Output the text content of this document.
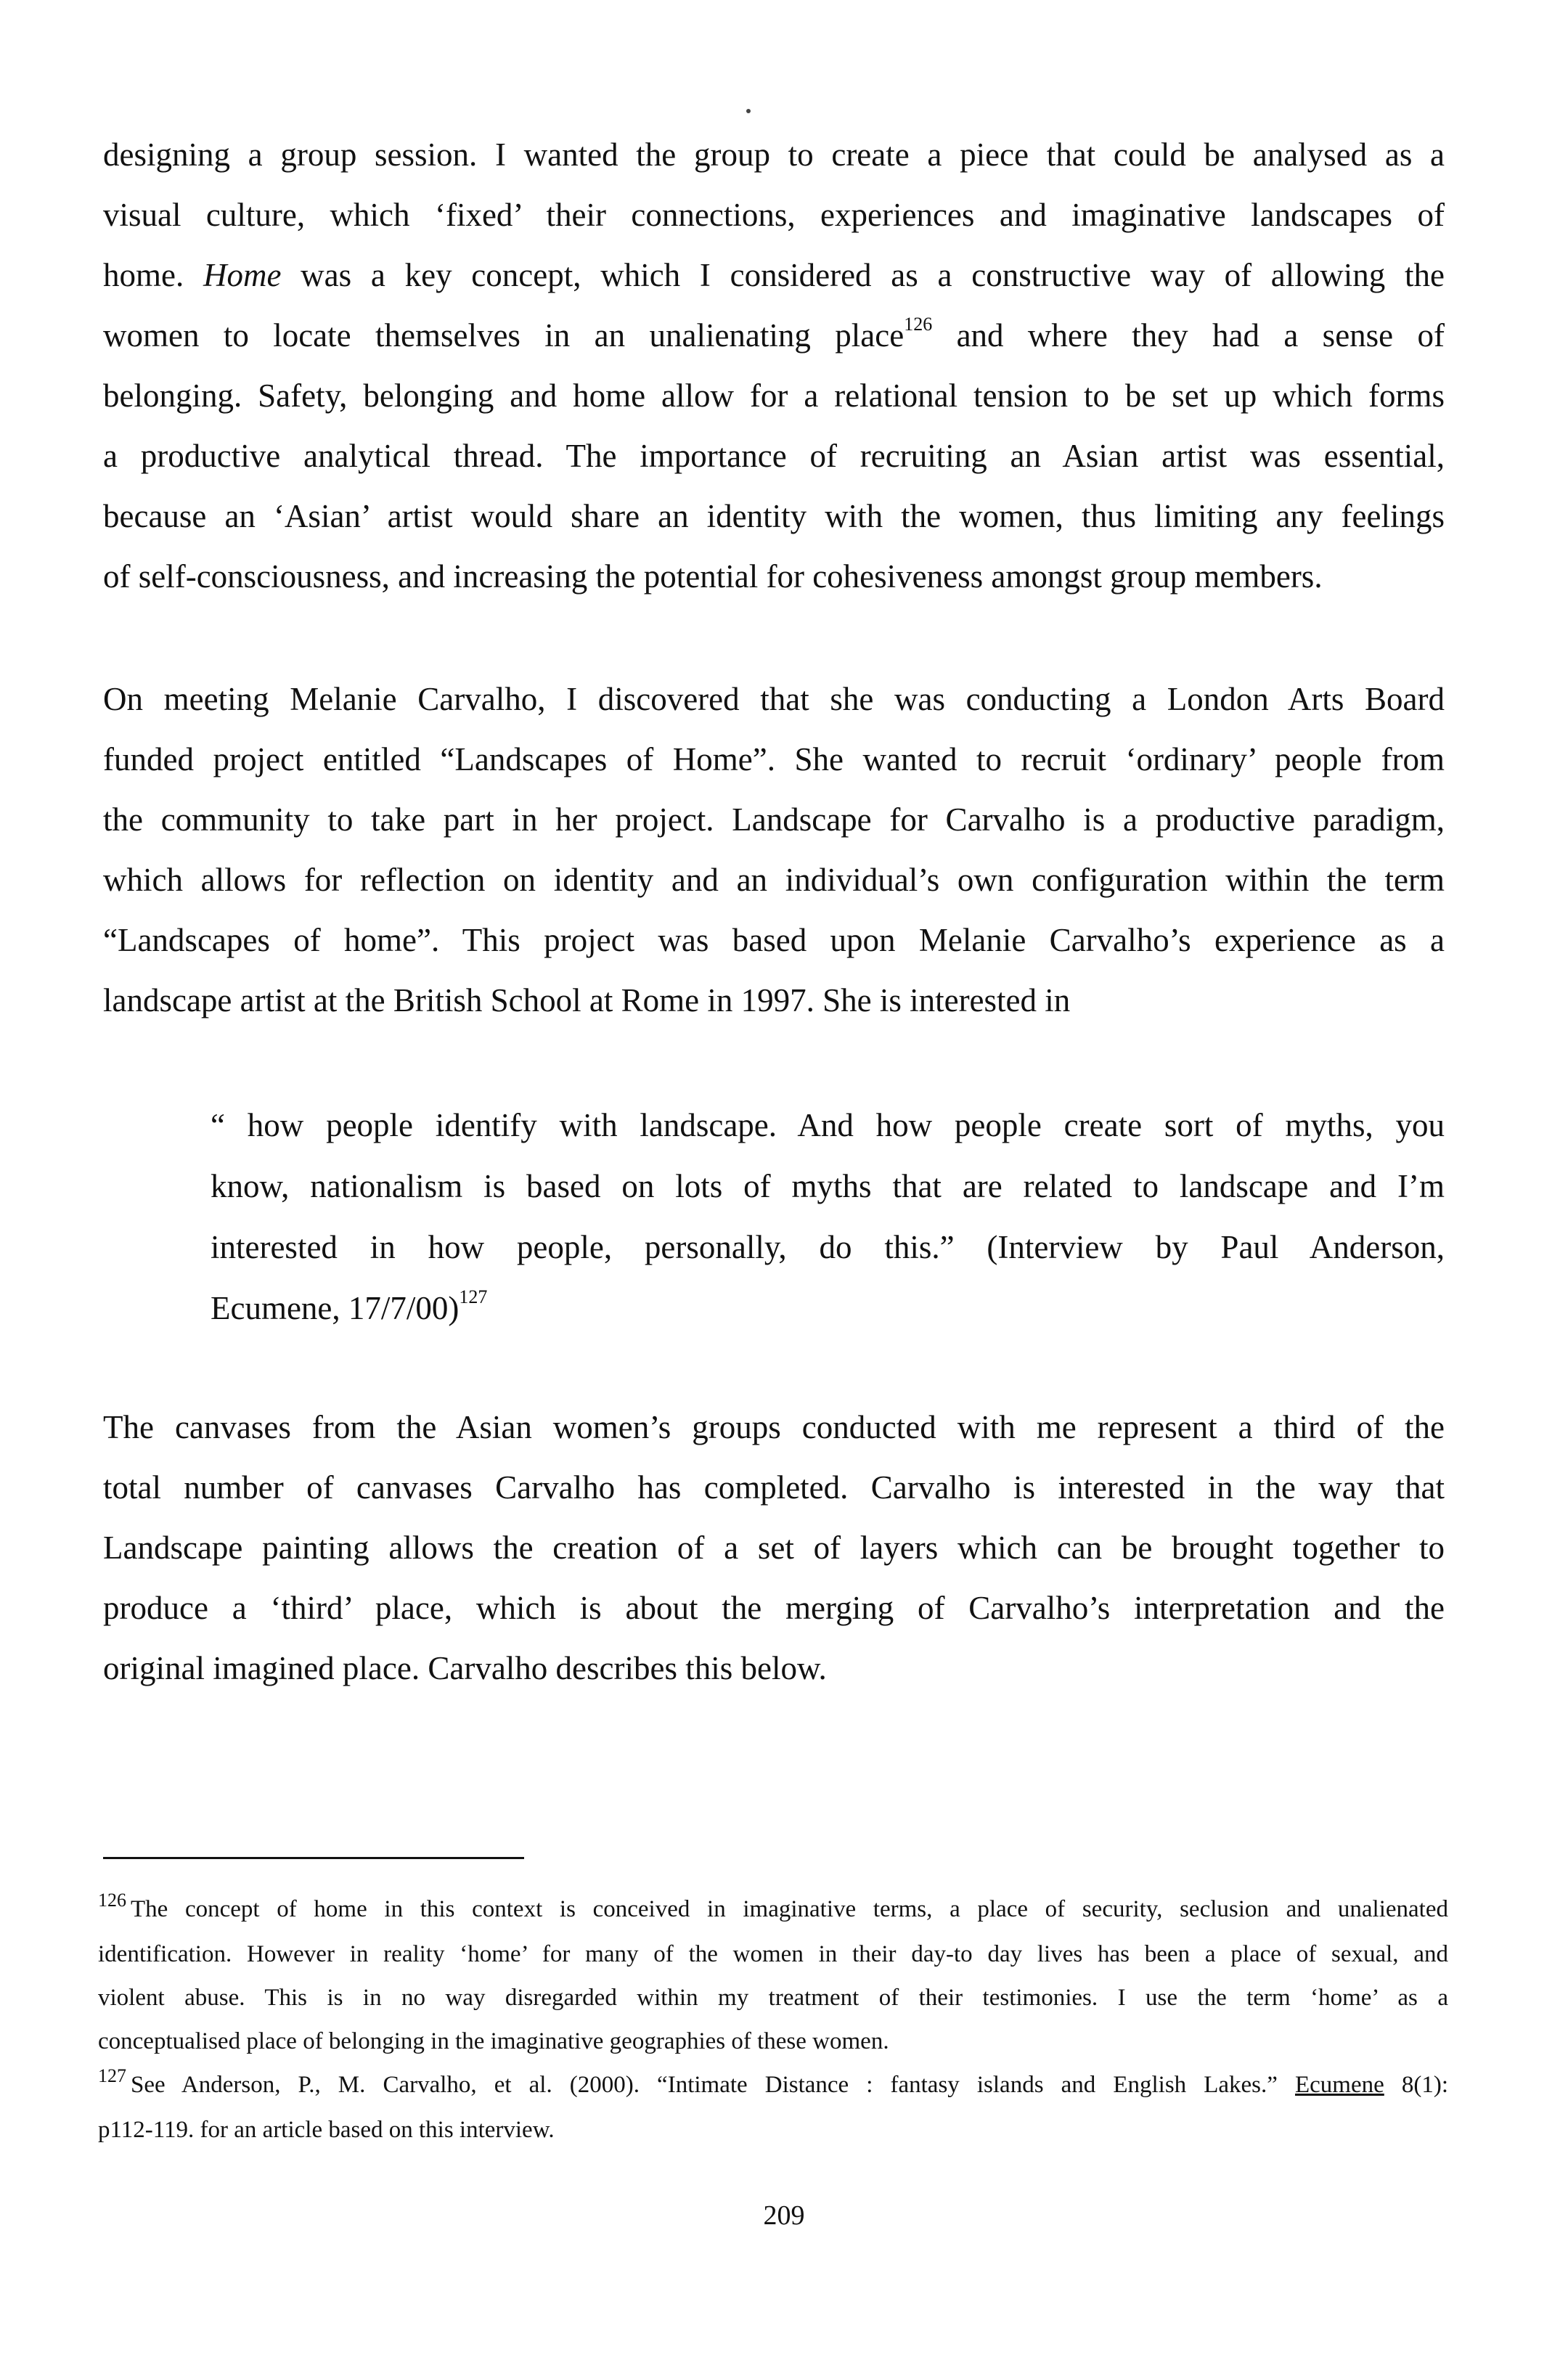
designing a group session. I wanted the group to create a piece that could be analysed as a
visual culture, which ‘fixed’ their connections, experiences and imaginative landscapes of
home. Home was a key concept, which I considered as a constructive way of allowing the
women to locate themselves in an unalienating place$^{126}$ and where they had a sense of
belonging. Safety, belonging and home allow for a relational tension to be set up which forms
a productive analytical thread. The importance of recruiting an Asian artist was essential,
because an ‘Asian’ artist would share an identity with the women, thus limiting any feelings
of self-consciousness, and increasing the potential for cohesiveness amongst group members.

On meeting Melanie Carvalho, I discovered that she was conducting a London Arts Board
funded project entitled “Landscapes of Home”. She wanted to recruit ‘ordinary’ people from
the community to take part in her project. Landscape for Carvalho is a productive paradigm,
which allows for reflection on identity and an individual’s own configuration within the term
“Landscapes of home”. This project was based upon Melanie Carvalho’s experience as a
landscape artist at the British School at Rome in 1997. She is interested in

“ how people identify with landscape. And how people create sort of myths, you
know, nationalism is based on lots of myths that are related to landscape and I’m
interested in how people, personally, do this.” (Interview by Paul Anderson,
Ecumene, 17/7/00)$^{127}$

The canvases from the Asian women’s groups conducted with me represent a third of the
total number of canvases Carvalho has completed. Carvalho is interested in the way that
Landscape painting allows the creation of a set of layers which can be brought together to
produce a ‘third’ place, which is about the merging of Carvalho’s interpretation and the
original imagined place. Carvalho describes this below.

$^{126}$ The concept of home in this context is conceived in imaginative terms, a place of security, seclusion and unalienated
identification. However in reality ‘home’ for many of the women in their day-to day lives has been a place of sexual, and
violent abuse. This is in no way disregarded within my treatment of their testimonies. I use the term ‘home’ as a
conceptualised place of belonging in the imaginative geographies of these women.
$^{127}$ See Anderson, P., M. Carvalho, et al. (2000). “Intimate Distance : fantasy islands and English Lakes.” Ecumene 8(1):
p112-119. for an article based on this interview.
209
